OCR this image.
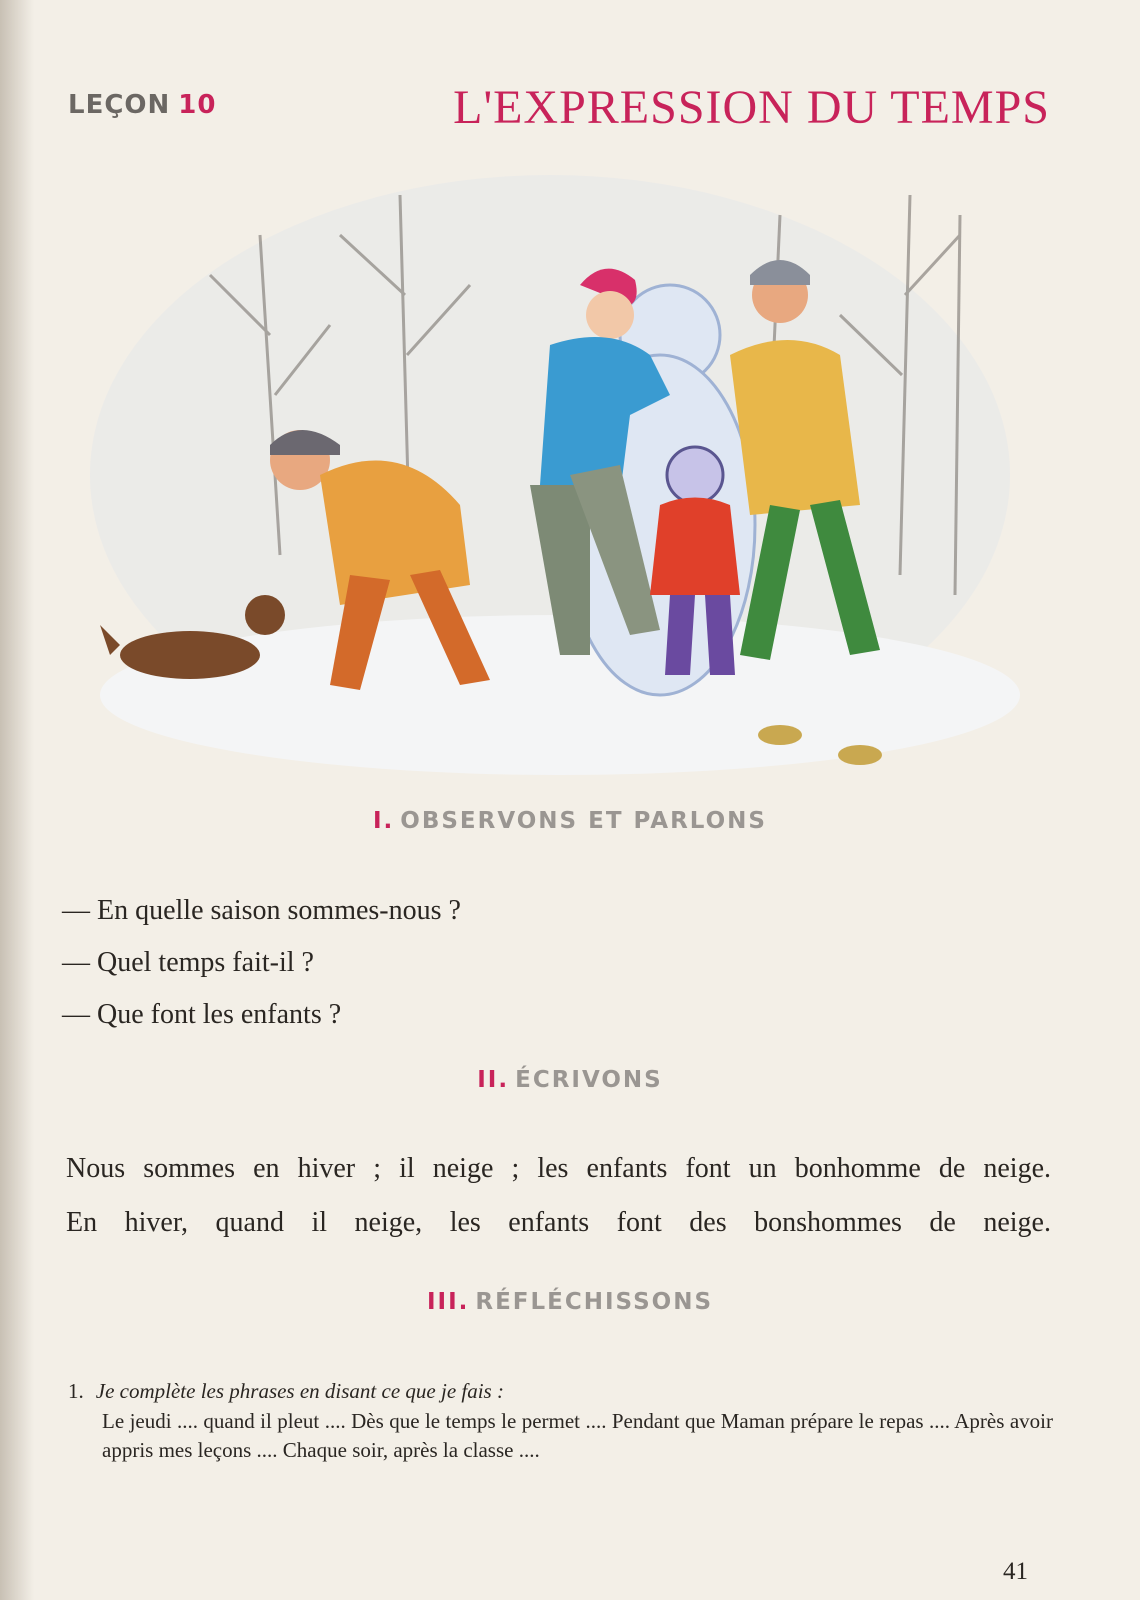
LEÇON 10	L'EXPRESSION DU TEMPS
I. OBSERVONS ET PARLONS
— En quelle saison sommes-nous ?
— Quel temps fait-il ?
— Que font les enfants ?
II. ÉCRIVONS
Nous sommes en hiver ; il neige ; les enfants font un bonhomme de neige.
En hiver, quand il neige, les enfants font des bonshommes de neige.
III. RÉFLÉCHISSONS
1. Je complète les phrases en disant ce que je fais :
Le jeudi .... quand il pleut .... Dès que le temps le permet .... Pendant que Maman prépare le repas .... Après avoir appris mes leçons .... Chaque soir, après la classe ....
41
